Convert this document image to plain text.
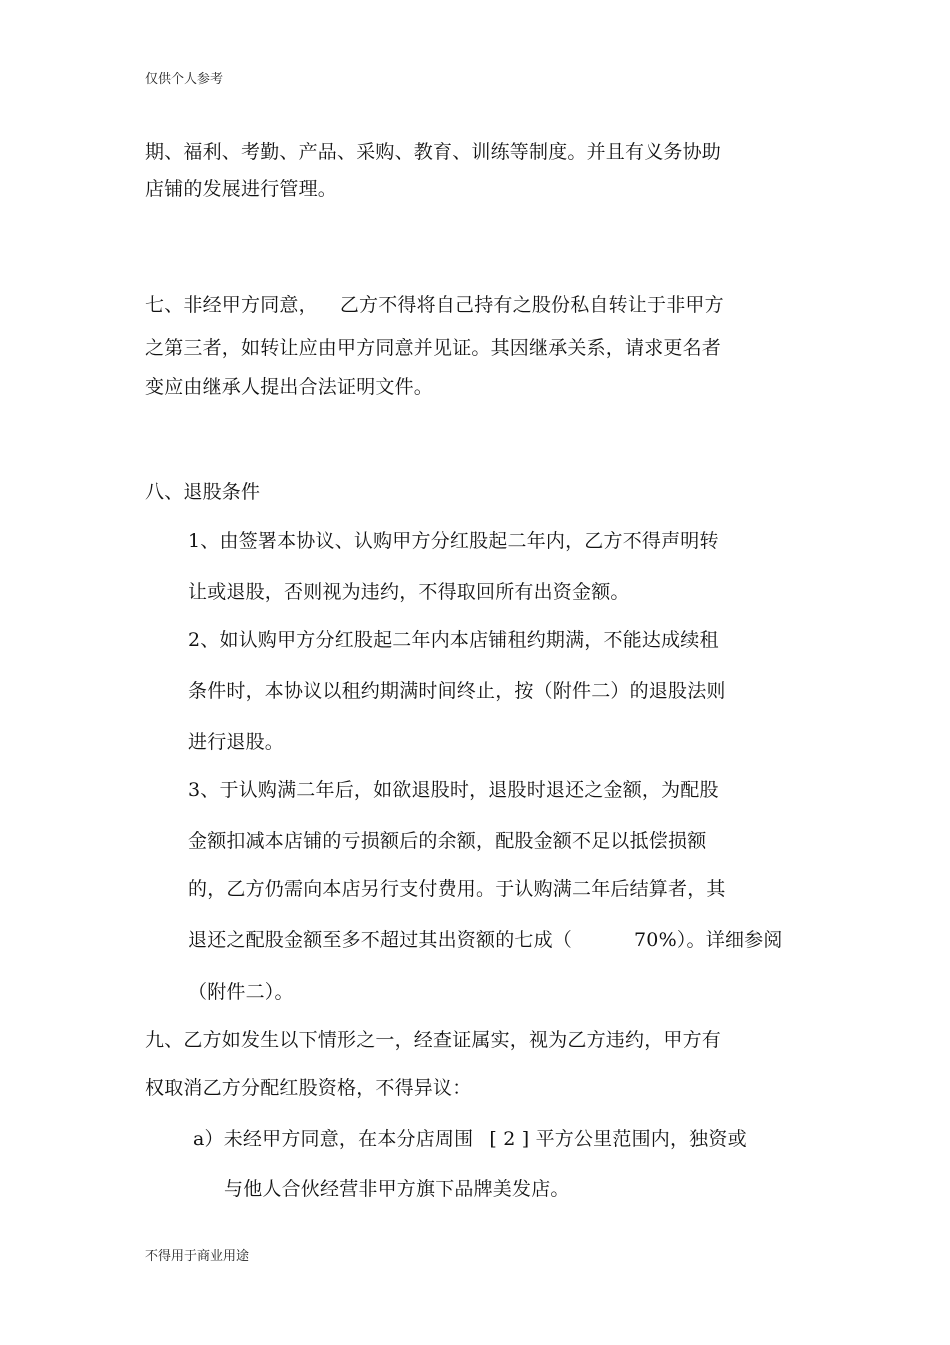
仅供个人参考
期、福利、考勤、产品、采购、教育、训练等制度。并且有义务协助
店铺的发展进行管理。
七、非经甲方同意， 乙方不得将自己持有之股份私自转让于非甲方
之第三者，如转让应由甲方同意并见证。其因继承关系，请求更名者
变应由继承人提出合法证明文件。
八、退股条件
1、由签署本协议、认购甲方分红股起二年内，乙方不得声明转
让或退股，否则视为违约，不得取回所有出资金额。
2、如认购甲方分红股起二年内本店铺租约期满，不能达成续租
条件时，本协议以租约期满时间终止，按（附件二）的退股法则
进行退股。
3、于认购满二年后，如欲退股时，退股时退还之金额，为配股
金额扣减本店铺的亏损额后的余额，配股金额不足以抵偿损额
的，乙方仍需向本店另行支付费用。于认购满二年后结算者，其
退还之配股金额至多不超过其出资额的七成（	70%）。详细参阅
（附件二）。
九、乙方如发生以下情形之一，经查证属实，视为乙方违约，甲方有
权取消乙方分配红股资格，不得异议：
a）未经甲方同意，在本分店周围 [ 2 ] 平方公里范围内，独资或
与他人合伙经营非甲方旗下品牌美发店。
不得用于商业用途
